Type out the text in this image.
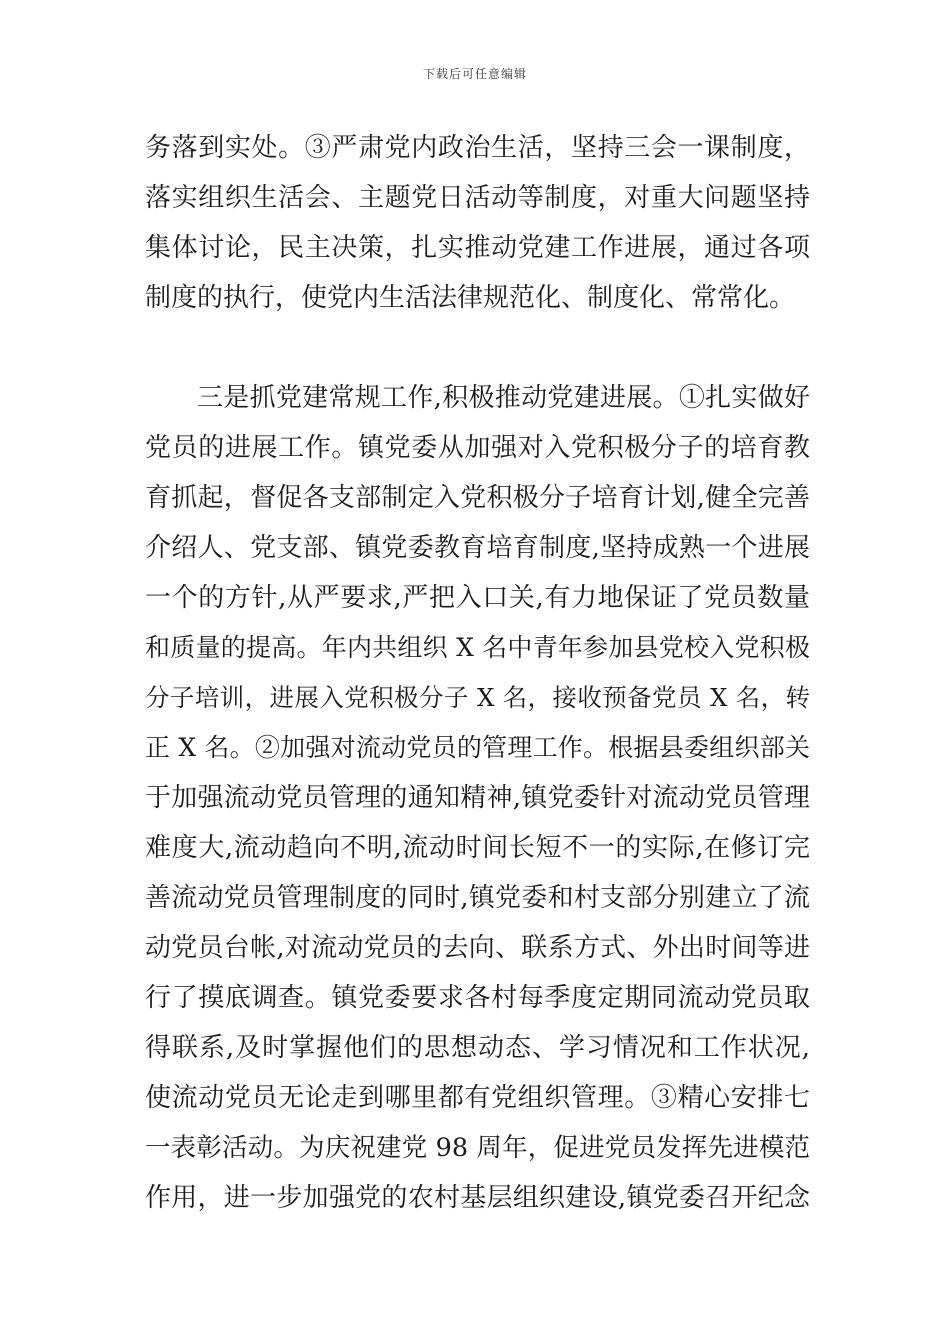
下载后可任意编辑
务落到实处。③严肃党内政治生活，坚持三会一课制度，
落实组织生活会、主题党日活动等制度，对重大问题坚持
集体讨论，民主决策，扎实推动党建工作进展，通过各项
制度的执行，使党内生活法律规范化、制度化、常常化。
三是抓党建常规工作,积极推动党建进展。①扎实做好
党员的进展工作。镇党委从加强对入党积极分子的培育教
育抓起，督促各支部制定入党积极分子培育计划,健全完善
介绍人、党支部、镇党委教育培育制度,坚持成熟一个进展
一个的方针,从严要求,严把入口关,有力地保证了党员数量
和质量的提高。年内共组织 X 名中青年参加县党校入党积极
分子培训，进展入党积极分子 X 名，接收预备党员 X 名，转
正 X 名。②加强对流动党员的管理工作。根据县委组织部关
于加强流动党员管理的通知精神,镇党委针对流动党员管理
难度大,流动趋向不明,流动时间长短不一的实际,在修订完
善流动党员管理制度的同时,镇党委和村支部分别建立了流
动党员台帐,对流动党员的去向、联系方式、外出时间等进
行了摸底调查。镇党委要求各村每季度定期同流动党员取
得联系,及时掌握他们的思想动态、学习情况和工作状况,
使流动党员无论走到哪里都有党组织管理。③精心安排七
一表彰活动。为庆祝建党 98 周年，促进党员发挥先进模范
作用，进一步加强党的农村基层组织建设,镇党委召开纪念
